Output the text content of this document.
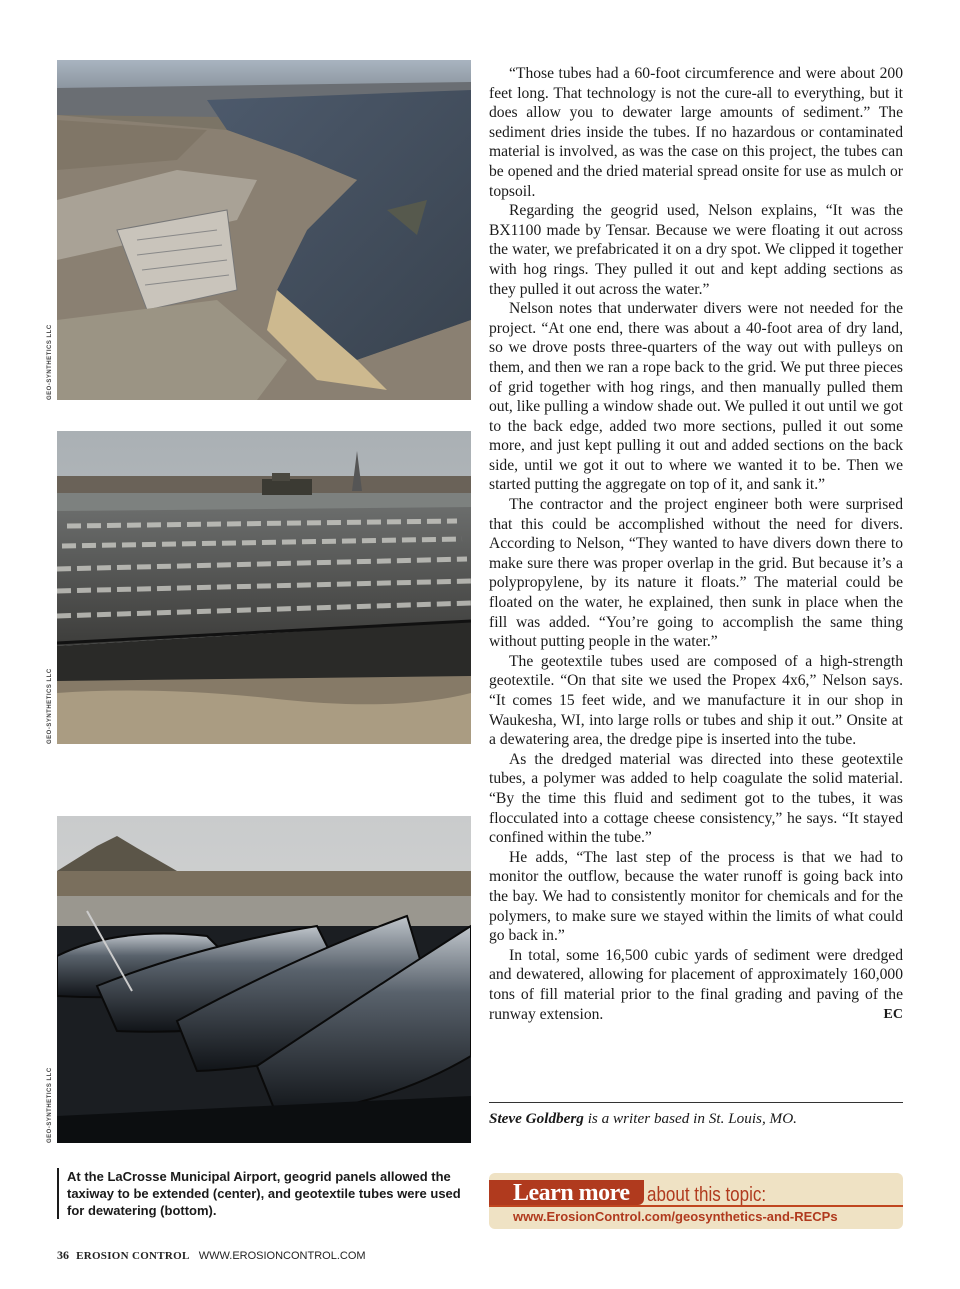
GEO-SYNTHETICS LLC
GEO-SYNTHETICS LLC
GEO-SYNTHETICS LLC

“Those tubes had a 60-foot circumference and were about 200 feet long. That technology is not the cure-all to everything, but it does allow you to dewater large amounts of sediment.” The sediment dries inside the tubes. If no hazardous or contaminated material is involved, as was the case on this project, the tubes can be opened and the dried material spread onsite for use as mulch or topsoil.

Regarding the geogrid used, Nelson explains, “It was the BX1100 made by Tensar. Because we were floating it out across the water, we prefabricated it on a dry spot. We clipped it together with hog rings. They pulled it out and kept adding sections as they pulled it out across the water.”

Nelson notes that underwater divers were not needed for the project. “At one end, there was about a 40-foot area of dry land, so we drove posts three-quarters of the way out with pulleys on them, and then we ran a rope back to the grid. We put three pieces of grid together with hog rings, and then manually pulled them out, like pulling a window shade out. We pulled it out until we got to the back edge, added two more sections, pulled it out some more, and just kept pulling it out and added sections on the back side, until we got it out to where we wanted it to be. Then we started putting the aggregate on top of it, and sank it.”

The contractor and the project engineer both were surprised that this could be accomplished without the need for divers. According to Nelson, “They wanted to have divers down there to make sure there was proper overlap in the grid. But because it’s a polypropylene, by its nature it floats.” The material could be floated on the water, he explained, then sunk in place when the fill was added. “You’re going to accomplish the same thing without putting people in the water.”

The geotextile tubes used are composed of a high-strength geotextile. “On that site we used the Propex 4x6,” Nelson says. “It comes 15 feet wide, and we manufacture it in our shop in Waukesha, WI, into large rolls or tubes and ship it out.” Onsite at a dewatering area, the dredge pipe is inserted into the tube.

As the dredged material was directed into these geotextile tubes, a polymer was added to help coagulate the solid material. “By the time this fluid and sediment got to the tubes, it was flocculated into a cottage cheese consistency,” he says. “It stayed confined within the tube.”

He adds, “The last step of the process is that we had to monitor the outflow, because the water runoff is going back into the bay. We had to consistently monitor for chemicals and for the polymers, to make sure we stayed within the limits of what could go back in.”

In total, some 16,500 cubic yards of sediment were dredged and dewatered, allowing for placement of approximately 160,000 tons of fill material prior to the final grading and paving of the runway extension.	EC

Steve Goldberg is a writer based in St. Louis, MO.
At the LaCrosse Municipal Airport, geogrid panels allowed the taxiway to be extended (center), and geotextile tubes were used for dewatering (bottom).
Learn more about this topic:
www.ErosionControl.com/geosynthetics-and-RECPs
36 EROSION CONTROL WWW.EROSIONCONTROL.COM
